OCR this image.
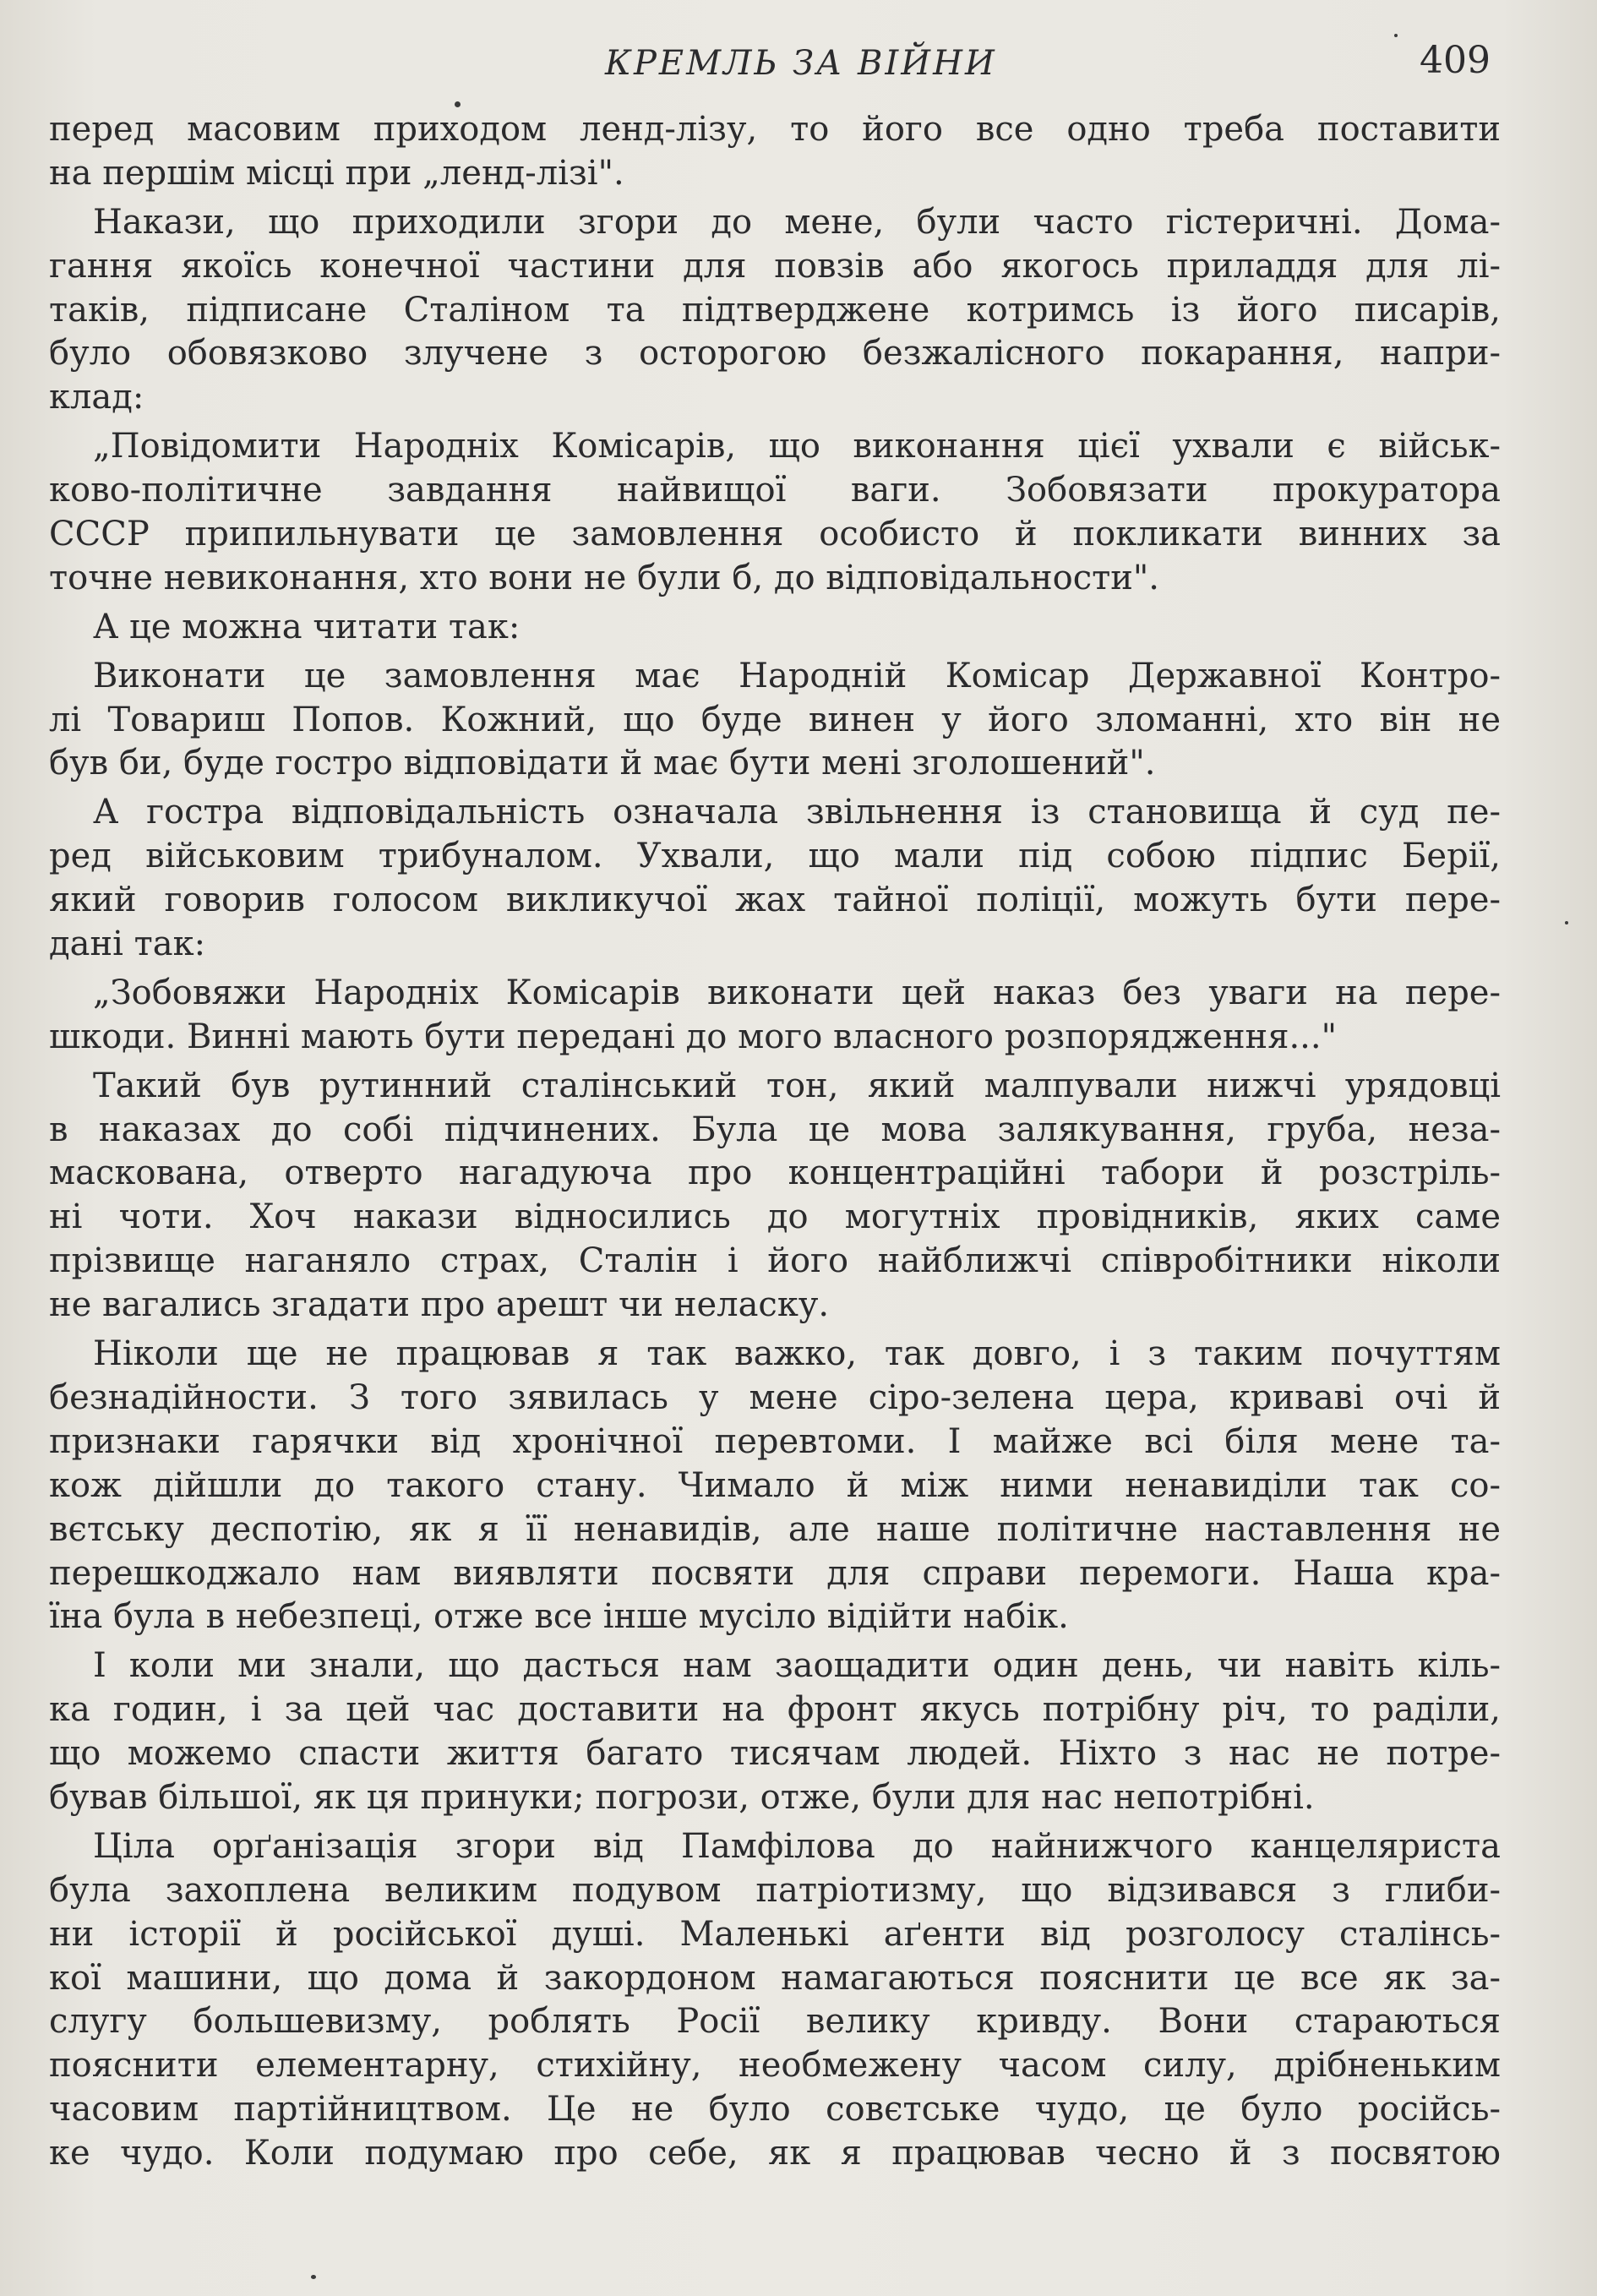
КРЕМЛЬ ЗА ВІЙНИ	409
перед масовим приходом ленд-лізу, то його все одно треба поставити
на першім місці при „ленд-лізі".
Накази, що приходили згори до мене, були часто гістеричні. Дома-
гання якоїсь конечної частини для повзів або якогось приладдя для лі-
таків, підписане Сталіном та підтверджене котримсь із його писарів,
було обовязково злучене з осторогою безжалісного покарання, напри-
клад:
„Повідомити Народніх Комісарів, що виконання цієї ухвали є військ-
ково-політичне завдання найвищої ваги. Зобовязати прокуратора
СССР припильнувати це замовлення особисто й покликати винних за
точне невиконання, хто вони не були б, до відповідальности".
А це можна читати так:
Виконати це замовлення має Народній Комісар Державної Контро-
лі Товариш Попов. Кожний, що буде винен у його зломанні, хто він не
був би, буде гостро відповідати й має бути мені зголошений".
А гостра відповідальність означала звільнення із становища й суд пе-
ред військовим трибуналом. Ухвали, що мали під собою підпис Берії,
який говорив голосом викликучої жах тайної поліції, можуть бути пере-
дані так:
„Зобовяжи Народніх Комісарів виконати цей наказ без уваги на пере-
шкоди. Винні мають бути передані до мого власного розпорядження..."
Такий був рутинний сталінський тон, який малпували нижчі урядовці
в наказах до собі підчинених. Була це мова залякування, груба, неза-
маскована, отверто нагадуюча про концентраційні табори й розстріль-
ні чоти. Хоч накази відносились до могутніх провідників, яких саме
прізвище наганяло страх, Сталін і його найближчі співробітники ніколи
не вагались згадати про арешт чи неласку.
Ніколи ще не працював я так важко, так довго, і з таким почуттям
безнадійности. З того зявилась у мене сіро-зелена цера, криваві очі й
признаки гарячки від хронічної перевтоми. І майже всі біля мене та-
кож дійшли до такого стану. Чимало й між ними ненавиділи так со-
вєтську деспотію, як я її ненавидів, але наше політичне наставлення не
перешкоджало нам виявляти посвяти для справи перемоги. Наша кра-
їна була в небезпеці, отже все інше мусіло відійти набік.
І коли ми знали, що дасться нам заощадити один день, чи навіть кіль-
ка годин, і за цей час доставити на фронт якусь потрібну річ, то раділи,
що можемо спасти життя багато тисячам людей. Ніхто з нас не потре-
бував більшої, як ця принуки; погрози, отже, були для нас непотрібні.
Ціла орґанізація згори від Памфілова до найнижчого канцеляриста
була захоплена великим подувом патріотизму, що відзивався з глиби-
ни історії й російської душі. Маленькі аґенти від розголосу сталінсь-
кої машини, що дома й закордоном намагаються пояснити це все як за-
слугу большевизму, роблять Росії велику кривду. Вони стараються
пояснити елементарну, стихійну, необмежену часом силу, дрібненьким
часовим партійництвом. Це не було совєтське чудо, це було російсь-
ке чудо. Коли подумаю про себе, як я працював чесно й з посвятою
